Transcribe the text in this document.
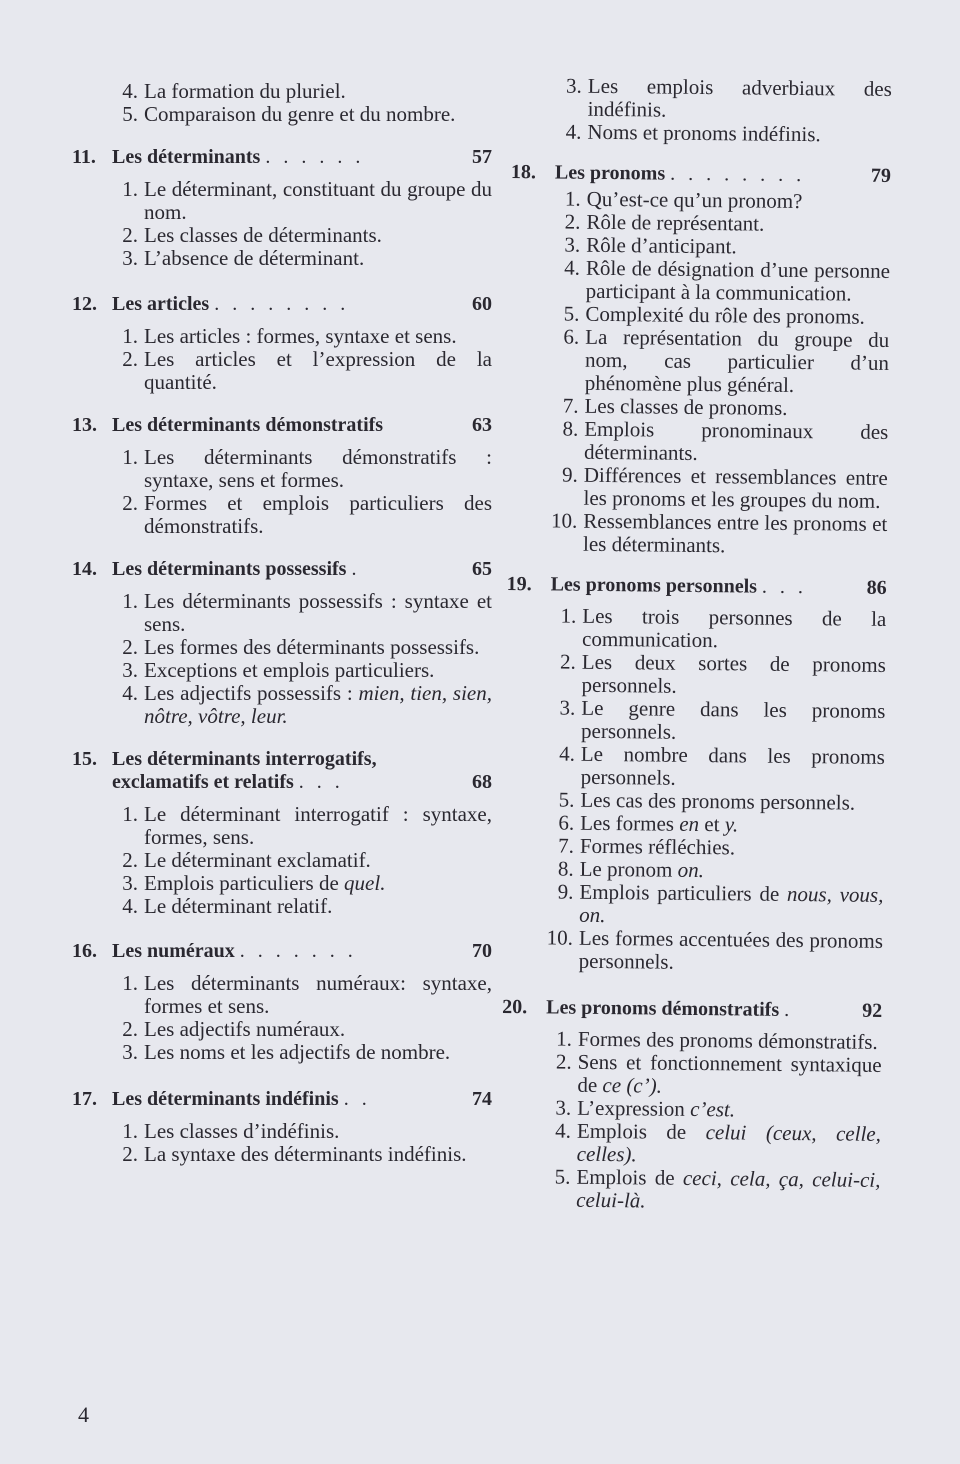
4. La formation du pluriel.
5. Comparaison du genre et du nombre.
11. Les déterminants . . . . . .	57
1. Le déterminant, constituant du groupe du nom.
2. Les classes de déterminants.
3. L’absence de déterminant.
12. Les articles . . . . . . . .	60
1. Les articles : formes, syntaxe et sens.
2. Les articles et l’expression de la quantité.
13. Les déterminants démonstratifs	63
1. Les déterminants démonstratifs : syntaxe, sens et formes.
2. Formes et emplois particuliers des démonstratifs.
14. Les déterminants possessifs .	65
1. Les déterminants possessifs : syntaxe et sens.
2. Les formes des déterminants possessifs.
3. Exceptions et emplois particuliers.
4. Les adjectifs possessifs : mien, tien, sien, nôtre, vôtre, leur.
15. Les déterminants interrogatifs,
exclamatifs et relatifs . . .	68
1. Le déterminant interrogatif : syntaxe, formes, sens.
2. Le déterminant exclamatif.
3. Emplois particuliers de quel.
4. Le déterminant relatif.
16. Les numéraux . . . . . . .	70
1. Les déterminants numéraux: syntaxe, formes et sens.
2. Les adjectifs numéraux.
3. Les noms et les adjectifs de nombre.
17. Les déterminants indéfinis . .	74
1. Les classes d’indéfinis.
2. La syntaxe des déterminants indéfinis.
3. Les emplois adverbiaux des indéfinis.
4. Noms et pronoms indéfinis.
18. Les pronoms . . . . . . . .	79
1. Qu’est-ce qu’un pronom?
2. Rôle de représentant.
3. Rôle d’anticipant.
4. Rôle de désignation d’une personne participant à la communication.
5. Complexité du rôle des pronoms.
6. La représentation du groupe du nom, cas particulier d’un phénomène plus général.
7. Les classes de pronoms.
8. Emplois pronominaux des déterminants.
9. Différences et ressemblances entre les pronoms et les groupes du nom.
10. Ressemblances entre les pronoms et les déterminants.
19. Les pronoms personnels . . .	86
1. Les trois personnes de la communication.
2. Les deux sortes de pronoms personnels.
3. Le genre dans les pronoms personnels.
4. Le nombre dans les pronoms personnels.
5. Les cas des pronoms personnels.
6. Les formes en et y.
7. Formes réfléchies.
8. Le pronom on.
9. Emplois particuliers de nous, vous, on.
10. Les formes accentuées des pronoms personnels.
20. Les pronoms démonstratifs .	92
1. Formes des pronoms démonstratifs.
2. Sens et fonctionnement syntaxique de ce (c’).
3. L’expression c’est.
4. Emplois de celui (ceux, celle, celles).
5. Emplois de ceci, cela, ça, celui-ci, celui-là.
4
